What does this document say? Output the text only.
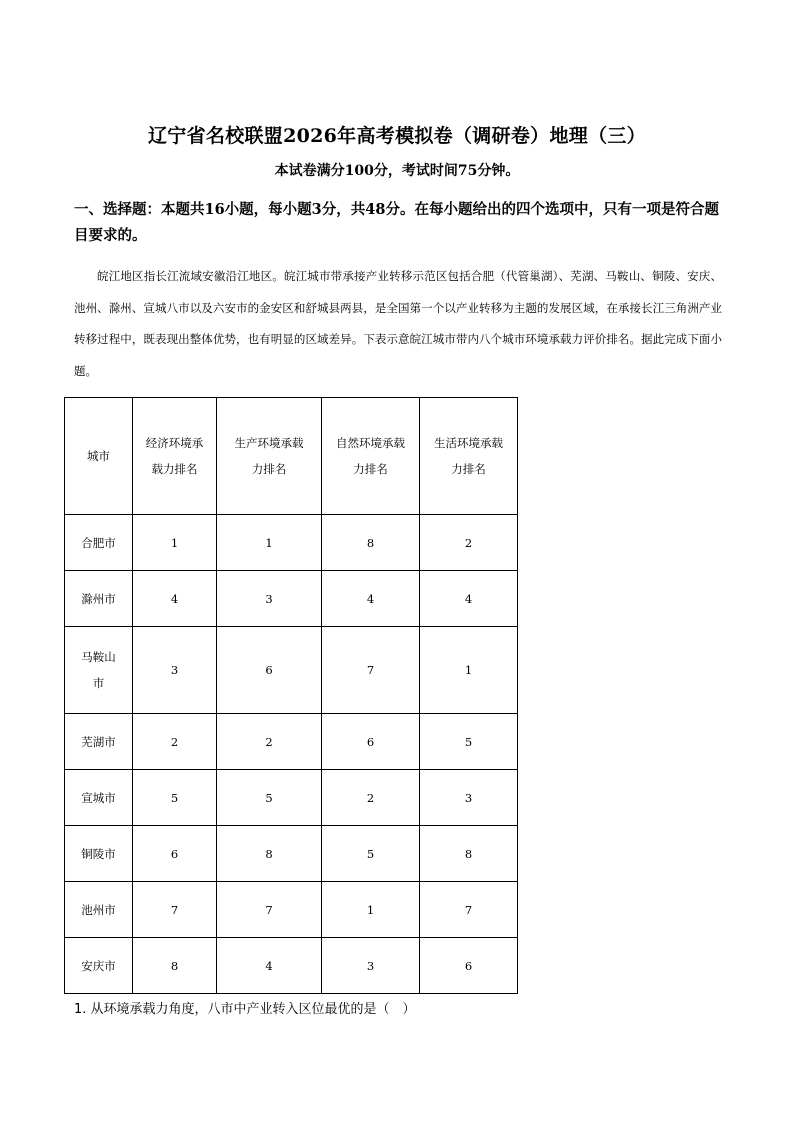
辽宁省名校联盟2026年高考模拟卷（调研卷）地理（三）
本试卷满分100分，考试时间75分钟。
一、选择题：本题共16小题，每小题3分，共48分。在每小题给出的四个选项中，只有一项是符合题目要求的。
皖江地区指长江流域安徽沿江地区。皖江城市带承接产业转移示范区包括合肥（代管巢湖）、芜湖、马鞍山、铜陵、安庆、池州、滁州、宣城八市以及六安市的金安区和舒城县两县，是全国第一个以产业转移为主题的发展区域，在承接长江三角洲产业转移过程中，既表现出整体优势，也有明显的区域差异。下表示意皖江城市带内八个城市环境承载力评价排名。据此完成下面小题。
城市	经济环境承载力排名	生产环境承载力排名	自然环境承载力排名	生活环境承载力排名
合肥市	1	1	8	2
滁州市	4	3	4	4
马鞍山市	3	6	7	1
芜湖市	2	2	6	5
宣城市	5	5	2	3
铜陵市	6	8	5	8
池州市	7	7	1	7
安庆市	8	4	3	6
1. 从环境承载力角度，八市中产业转入区位最优的是（　）
